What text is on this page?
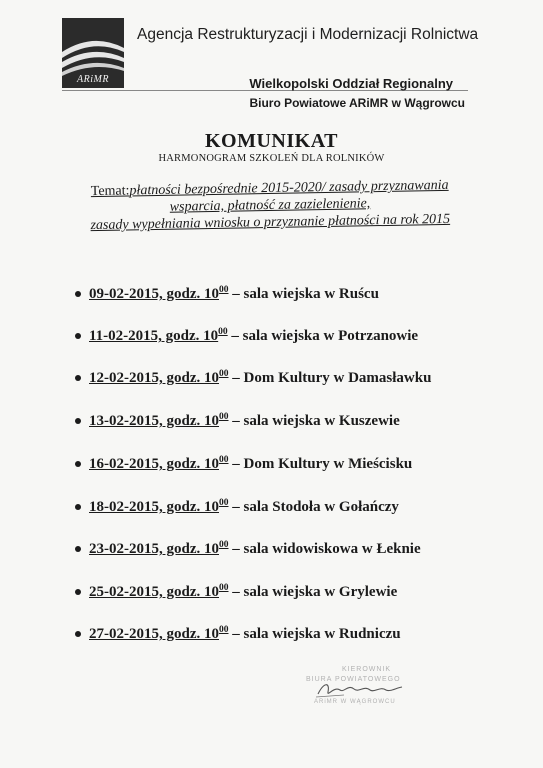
ARiMR
Agencja Restrukturyzacji i Modernizacji Rolnictwa
Wielkopolski Oddział Regionalny
Biuro Powiatowe ARiMR w Wągrowcu
KOMUNIKAT
HARMONOGRAM SZKOLEŃ DLA ROLNIKÓW
Temat:płatności bezpośrednie 2015-2020/ zasady przyznawania
wsparcia, płatność za zazielenienie,
zasady wypełniania wniosku o przyznanie płatności na rok 2015
09-02-2015, godz. $10^{00}$ – sala wiejska w Ruścu
11-02-2015, godz. $10^{00}$ – sala wiejska w Potrzanowie
12-02-2015, godz. $10^{00}$ – Dom Kultury w Damasławku
13-02-2015, godz. $10^{00}$ – sala wiejska w Kuszewie
16-02-2015, godz. $10^{00}$ – Dom Kultury w Mieścisku
18-02-2015, godz. $10^{00}$ – sala Stodoła w Gołańczy
23-02-2015, godz. $10^{00}$ – sala widowiskowa w Łeknie
25-02-2015, godz. $10^{00}$ – sala wiejska w Grylewie
27-02-2015, godz. $10^{00}$ – sala wiejska w Rudniczu
KIEROWNIK
BIURA POWIATOWEGO
ARiMR W WĄGROWCU
